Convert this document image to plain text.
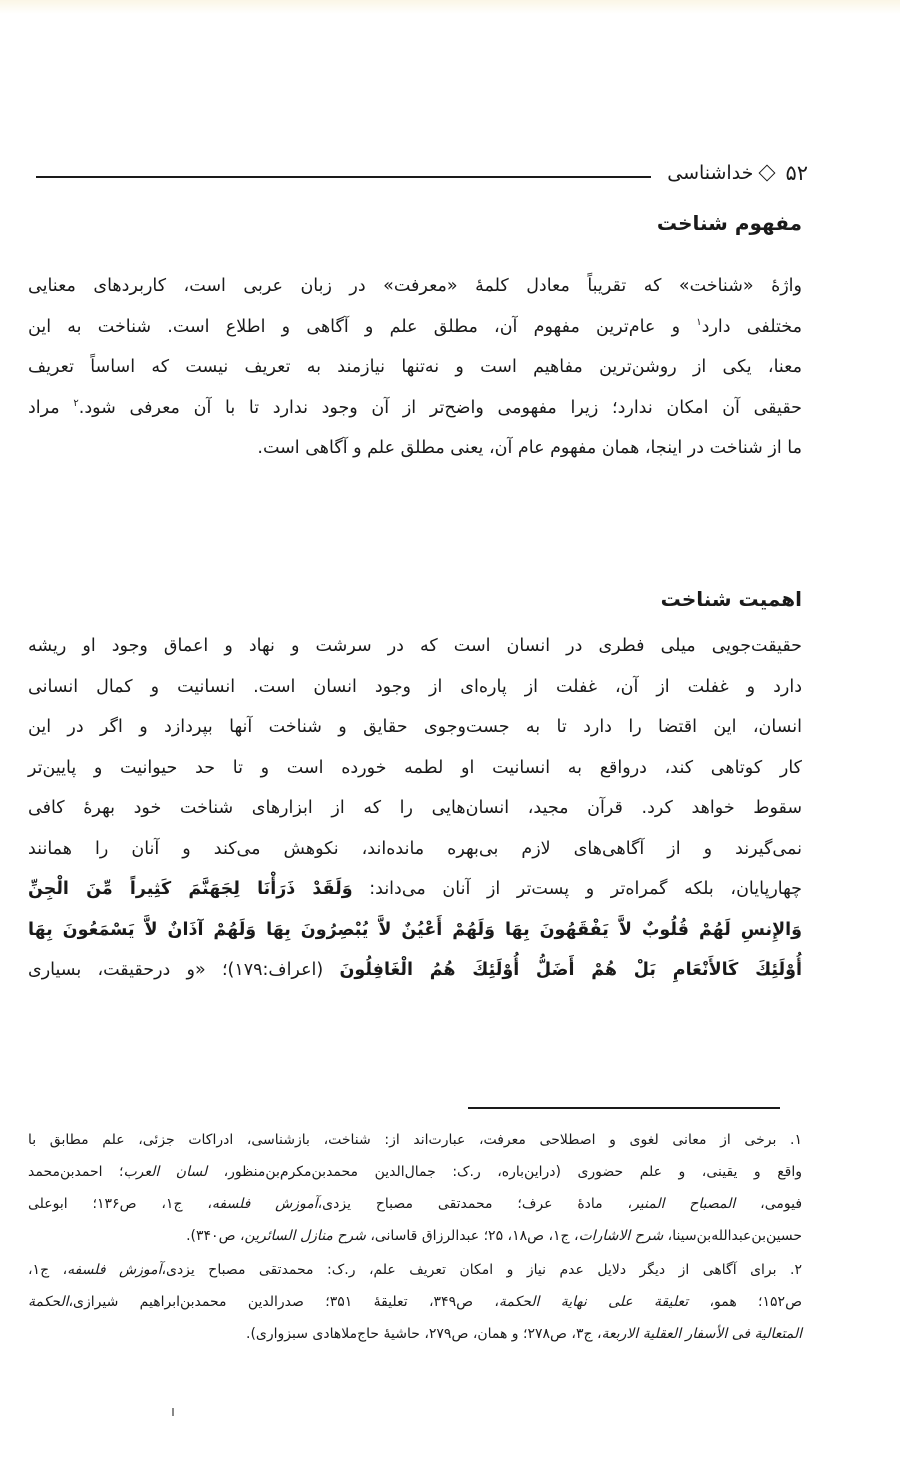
۵۲
خداشناسی
مفهوم شناخت
واژهٔ «شناخت» که تقریباً معادل کلمهٔ «معرفت» در زبان عربی است، کاربردهای معنایی
مختلفی دارد$^۱$ و عام‌ترین مفهوم آن، مطلق علم و آگاهی و اطلاع است. شناخت به این
معنا، یکی از روشن‌ترین مفاهیم است و نه‌تنها نیازمند به تعریف نیست که اساساً تعریف
حقیقی آن امکان ندارد؛ زیرا مفهومی واضح‌تر از آن وجود ندارد تا با آن معرفی شود.$^۲$ مراد
ما از شناخت در اینجا، همان مفهوم عام آن، یعنی مطلق علم و آگاهی است.
اهمیت شناخت
حقیقت‌جویی میلی فطری در انسان است که در سرشت و نهاد و اعماق وجود او ریشه
دارد و غفلت از آن، غفلت از پاره‌ای از وجود انسان است. انسانیت و کمال انسانی
انسان، این اقتضا را دارد تا به جست‌وجوی حقایق و شناخت آنها بپردازد و اگر در این
کار کوتاهی کند، درواقع به انسانیت او لطمه خورده است و تا حد حیوانیت و پایین‌تر
سقوط خواهد کرد. قرآن مجید، انسان‌هایی را که از ابزارهای شناخت خود بهرهٔ کافی
نمی‌گیرند و از آگاهی‌های لازم بی‌بهره مانده‌اند، نکوهش می‌کند و آنان را همانند
چهارپایان، بلکه گمراه‌تر و پست‌تر از آنان می‌داند: وَلَقَدْ ذَرَأْنَا لِجَهَنَّمَ كَثِيراً مِّنَ الْجِنِّ
وَالإِنسِ لَهُمْ قُلُوبٌ لاَّ يَفْقَهُونَ بِهَا وَلَهُمْ أَعْيُنٌ لاَّ يُبْصِرُونَ بِهَا وَلَهُمْ آذَانٌ لاَّ يَسْمَعُونَ بِهَا
أُوْلَئِكَ كَالأَنْعَامِ بَلْ هُمْ أَضَلُّ أُوْلَئِكَ هُمُ الْغَافِلُونَ (اعراف:۱۷۹)؛ «و درحقیقت، بسیاری
۱. برخی از معانی لغوی و اصطلاحی معرفت، عبارت‌اند از: شناخت، بازشناسی، ادراکات جزئی، علم مطابق با
واقع و یقینی، و علم حضوری (دراین‌باره، ر.ک: جمال‌الدین محمدبن‌مکرم‌بن‌منظور، لسان العرب؛ احمدبن‌محمد
فیومی، المصباح المنیر، مادهٔ عرف؛ محمدتقی مصباح یزدی،آموزش فلسفه، ج۱، ص۱۳۶؛ ابوعلی
حسین‌بن‌عبدالله‌بن‌سینا، شرح الاشارات، ج۱، ص۱۸، ۲۵؛ عبدالرزاق قاسانی، شرح منازل السائرین، ص۳۴۰).
۲. برای آگاهی از دیگر دلایل عدم نیاز و امکان تعریف علم، ر.ک: محمدتقی مصباح یزدی،آموزش فلسفه، ج۱،
ص۱۵۲؛ همو، تعلیقة علی نهایة الحکمة، ص۳۴۹، تعلیقهٔ ۳۵۱؛ صدرالدین محمدبن‌ابراهیم شیرازی،الحکمة
المتعالیة فی الأسفار العقلیة الاربعة، ج۳، ص۲۷۸؛ و همان، ص۲۷۹، حاشیهٔ حاج‌ملاهادی سبزواری).
